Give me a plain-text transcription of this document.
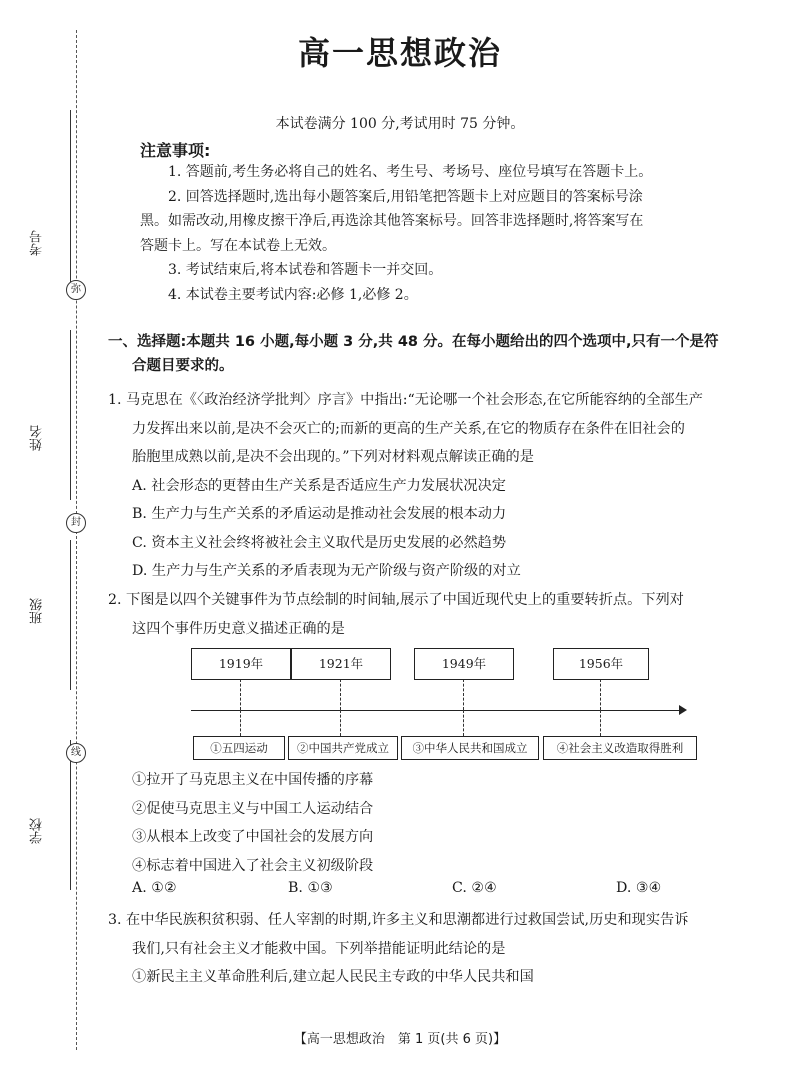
考号
姓名
班级
学校
弥
封
线
高一思想政治
本试卷满分 100 分,考试用时 75 分钟。
注意事项:

1. 答题前,考生务必将自己的姓名、考生号、考场号、座位号填写在答题卡上。

2. 回答选择题时,选出每小题答案后,用铅笔把答题卡上对应题目的答案标号涂

黑。如需改动,用橡皮擦干净后,再选涂其他答案标号。回答非选择题时,将答案写在

答题卡上。写在本试卷上无效。

3. 考试结束后,将本试卷和答题卡一并交回。

4. 本试卷主要考试内容:必修 1,必修 2。

一、选择题:本题共 16 小题,每小题 3 分,共 48 分。在每小题给出的四个选项中,只有一个是符
合题目要求的。

1. 马克思在《〈政治经济学批判〉序言》中指出:“无论哪一个社会形态,在它所能容纳的全部生产

力发挥出来以前,是决不会灭亡的;而新的更高的生产关系,在它的物质存在条件在旧社会的

胎胞里成熟以前,是决不会出现的。”下列对材料观点解读正确的是

A. 社会形态的更替由生产关系是否适应生产力发展状况决定

B. 生产力与生产关系的矛盾运动是推动社会发展的根本动力

C. 资本主义社会终将被社会主义取代是历史发展的必然趋势

D. 生产力与生产关系的矛盾表现为无产阶级与资产阶级的对立

2. 下图是以四个关键事件为节点绘制的时间轴,展示了中国近现代史上的重要转折点。下列对

这四个事件历史意义描述正确的是

1919年	1921年	1949年	1956年
①五四运动	②中国共产党成立	③中华人民共和国成立	④社会主义改造取得胜利

①拉开了马克思主义在中国传播的序幕

②促使马克思主义与中国工人运动结合

③从根本上改变了中国社会的发展方向

④标志着中国进入了社会主义初级阶段

A. ①②	B. ①③	C. ②④	D. ③④

3. 在中华民族积贫积弱、任人宰割的时期,许多主义和思潮都进行过救国尝试,历史和现实告诉

我们,只有社会主义才能救中国。下列举措能证明此结论的是

①新民主主义革命胜利后,建立起人民民主专政的中华人民共和国

【高一思想政治　第 1 页(共 6 页)】
